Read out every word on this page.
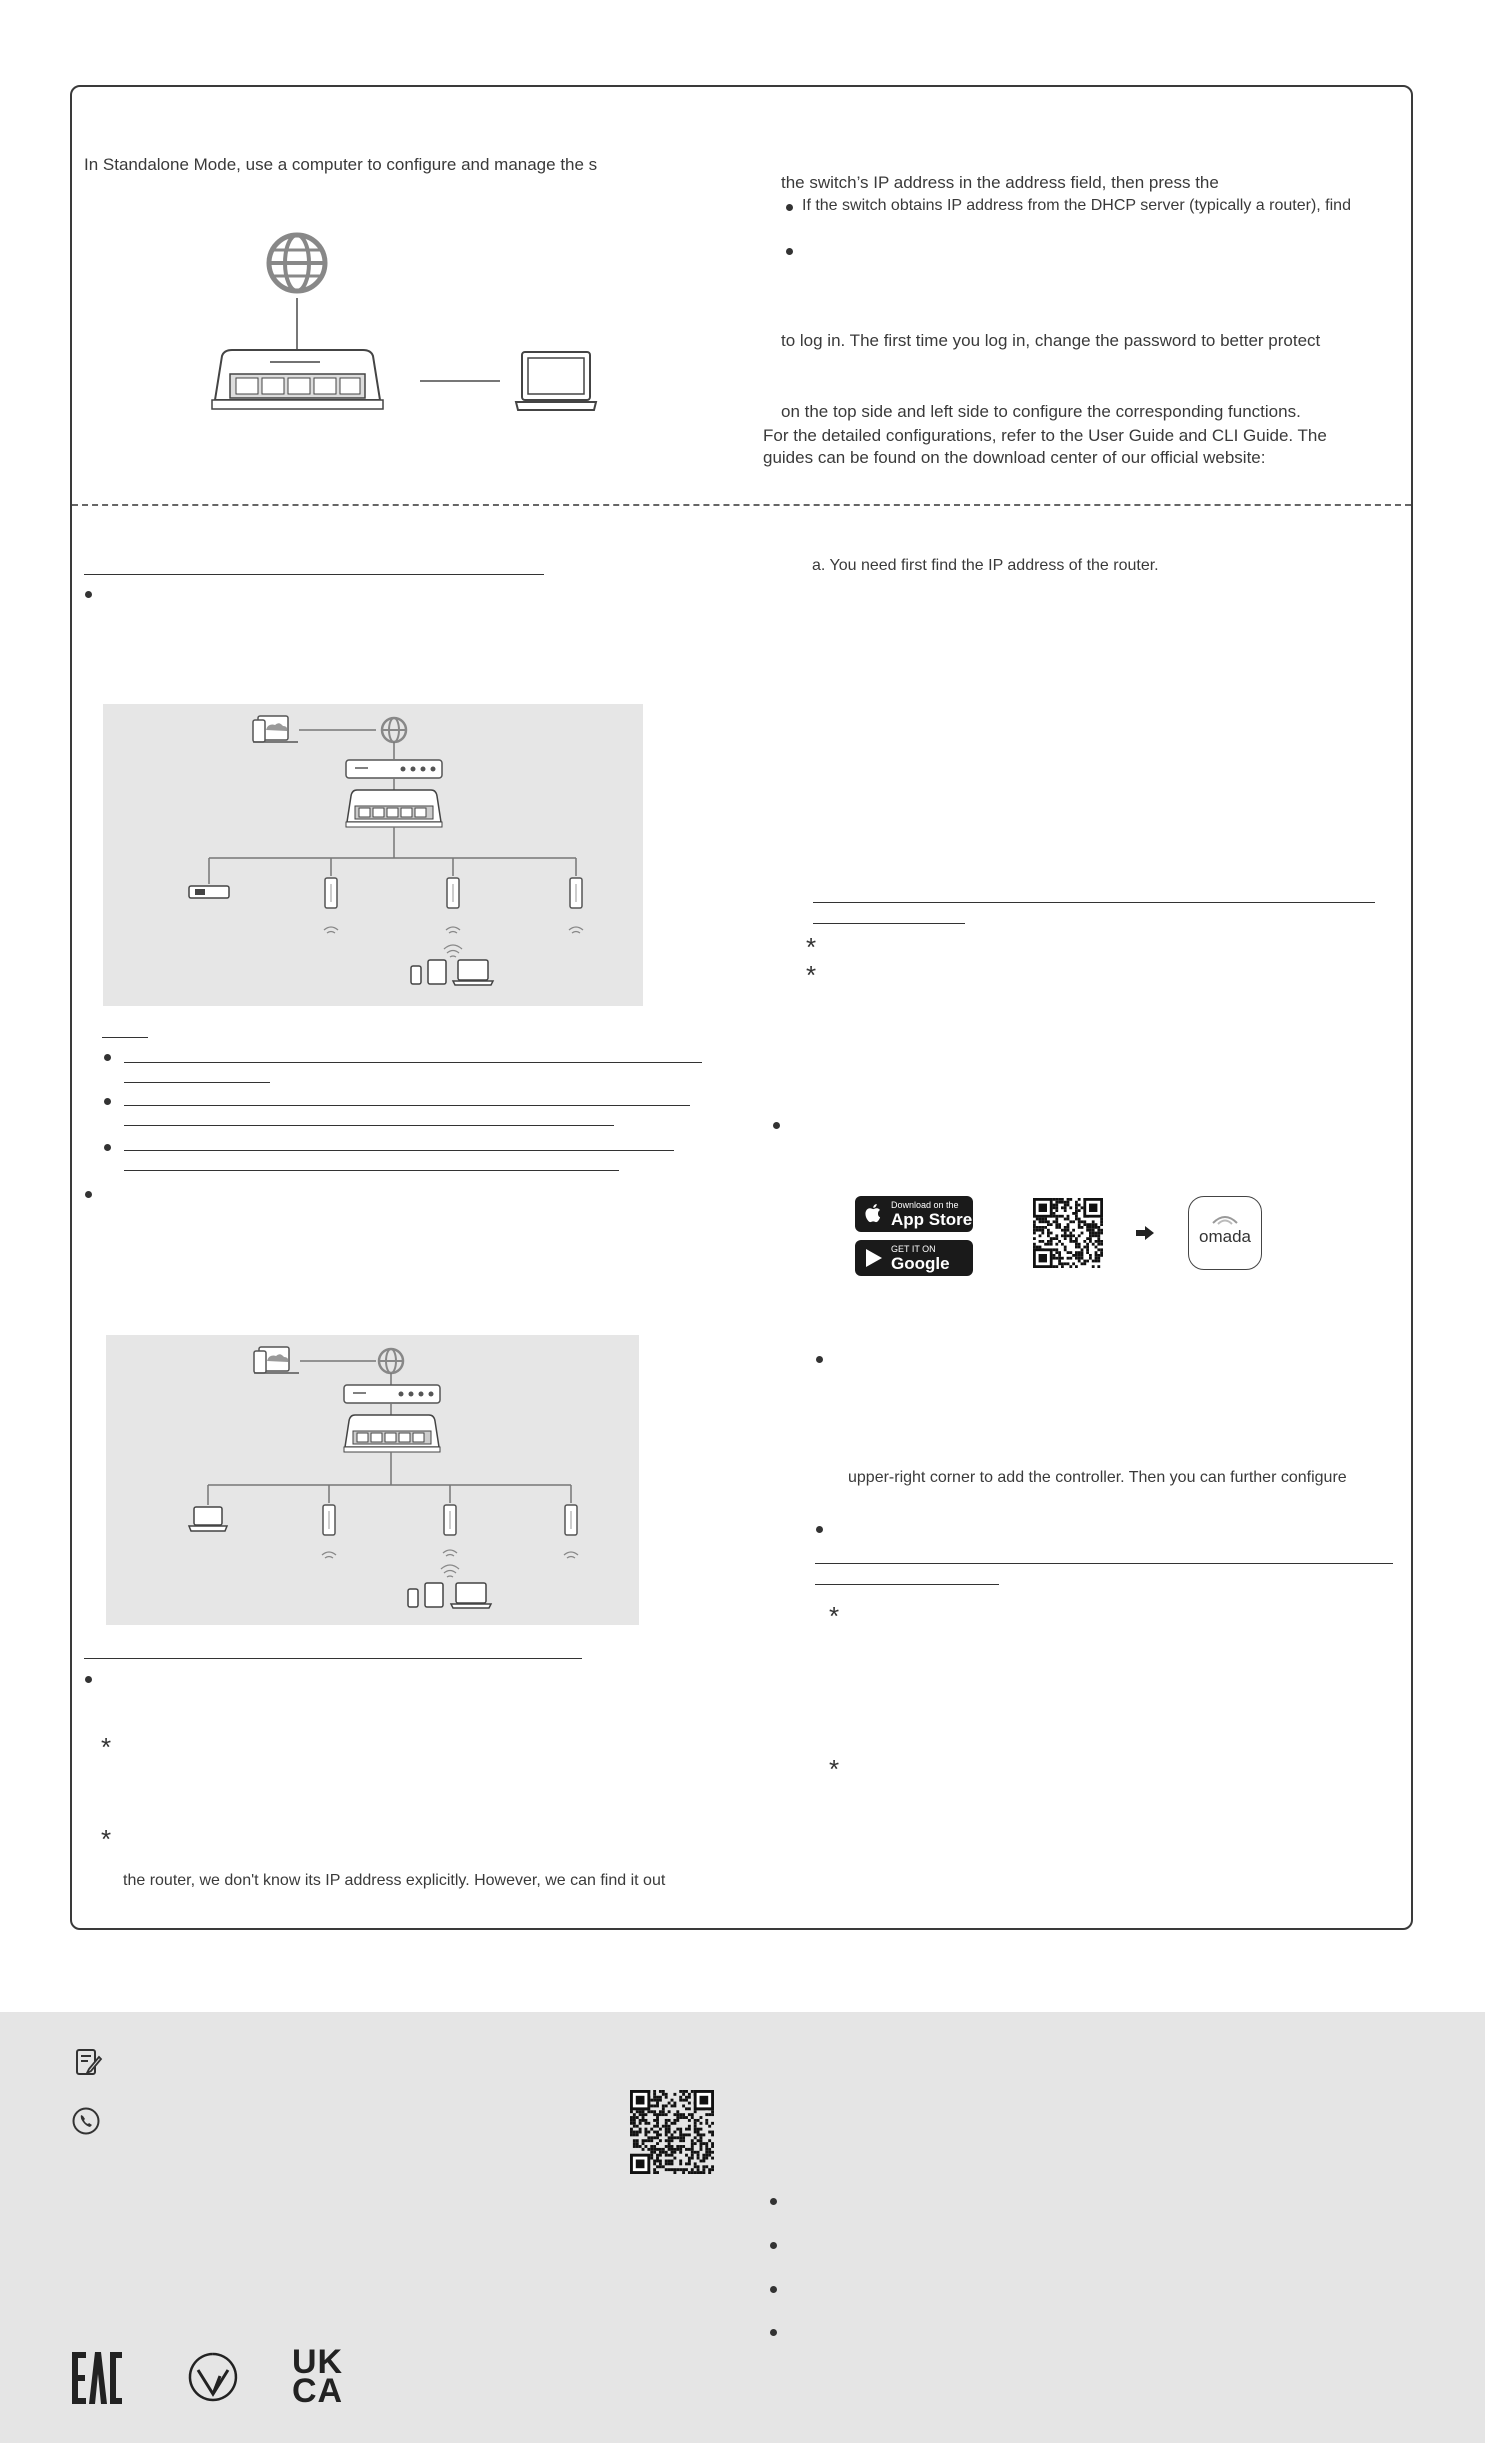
In Standalone Mode, use a computer to configure and manage the s
the switch’s IP address in the address field, then press the
If the switch obtains IP address from the DHCP server (typically a router), find
to log in. The first time you log in, change the password to better protect
on the top side and left side to configure the corresponding functions.
For the detailed configurations, refer to the User Guide and CLI Guide. The
guides can be found on the download center of our official website:
*
*
the router, we don't know its IP address explicitly. However, we can find it out
a. You need first find the IP address of the router.
*
*
Download on the
App Store
GET IT ON
Google Play
omada
upper-right corner to add the controller. Then you can further configure
*
*
UK
CA
